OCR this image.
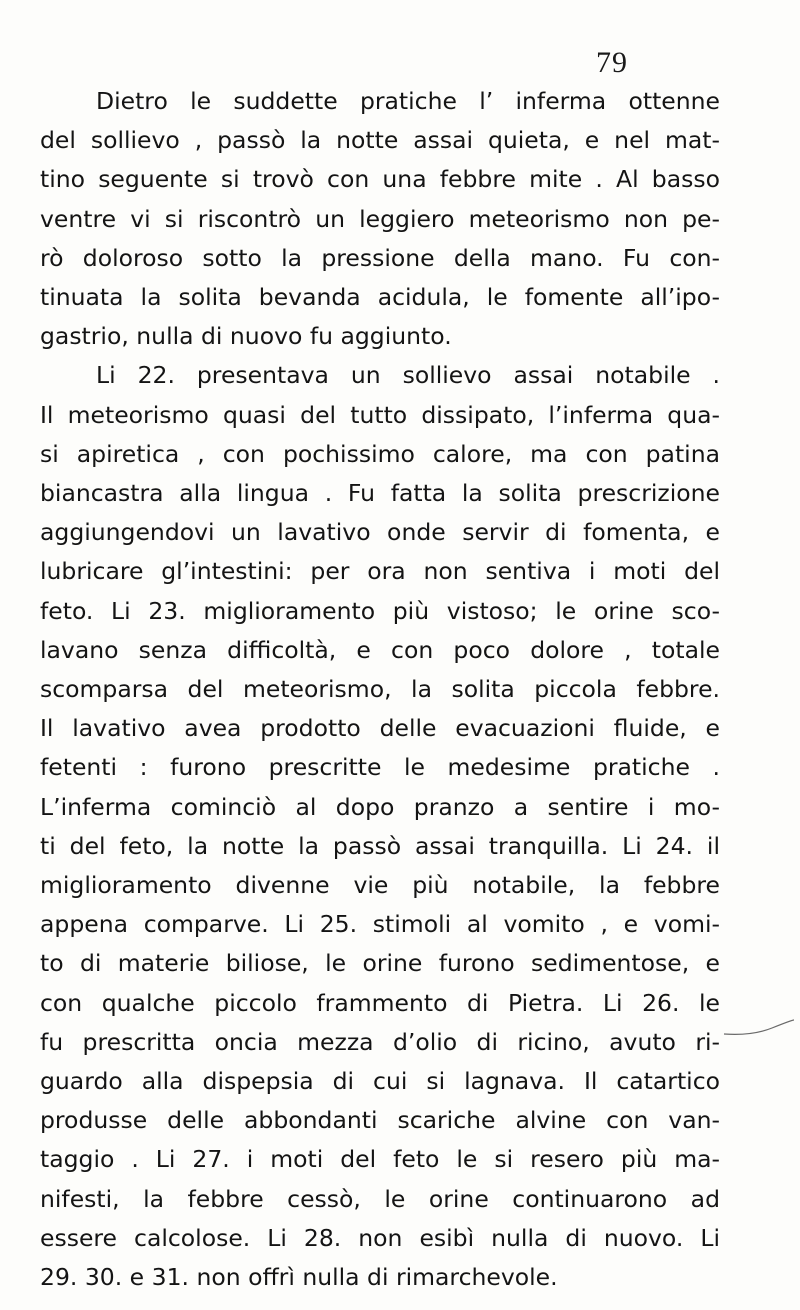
79
Dietro le suddette pratiche l’ inferma ottenne
del sollievo , passò la notte assai quieta, e nel mat-
tino seguente si trovò con una febbre mite . Al basso
ventre vi si riscontrò un leggiero meteorismo non pe-
rò doloroso sotto la pressione della mano. Fu con-
tinuata la solita bevanda acidula, le fomente all’ipo-
gastrio, nulla di nuovo fu aggiunto.
Li 22. presentava un sollievo assai notabile .
Il meteorismo quasi del tutto dissipato, l’inferma qua-
si apiretica , con pochissimo calore, ma con patina
biancastra alla lingua . Fu fatta la solita prescrizione
aggiungendovi un lavativo onde servir di fomenta, e
lubricare gl’intestini: per ora non sentiva i moti del
feto. Li 23. miglioramento più vistoso; le orine sco-
lavano senza difficoltà, e con poco dolore , totale
scomparsa del meteorismo, la solita piccola febbre.
Il lavativo avea prodotto delle evacuazioni fluide, e
fetenti : furono prescritte le medesime pratiche .
L’inferma cominciò al dopo pranzo a sentire i mo-
ti del feto, la notte la passò assai tranquilla. Li 24. il
miglioramento divenne vie più notabile, la febbre
appena comparve. Li 25. stimoli al vomito , e vomi-
to di materie biliose, le orine furono sedimentose, e
con qualche piccolo frammento di Pietra. Li 26. le
fu prescritta oncia mezza d’olio di ricino, avuto ri-
guardo alla dispepsia di cui si lagnava. Il catartico
produsse delle abbondanti scariche alvine con van-
taggio . Li 27. i moti del feto le si resero più ma-
nifesti, la febbre cessò, le orine continuarono ad
essere calcolose. Li 28. non esibì nulla di nuovo. Li
29. 30. e 31. non offrì nulla di rimarchevole.
